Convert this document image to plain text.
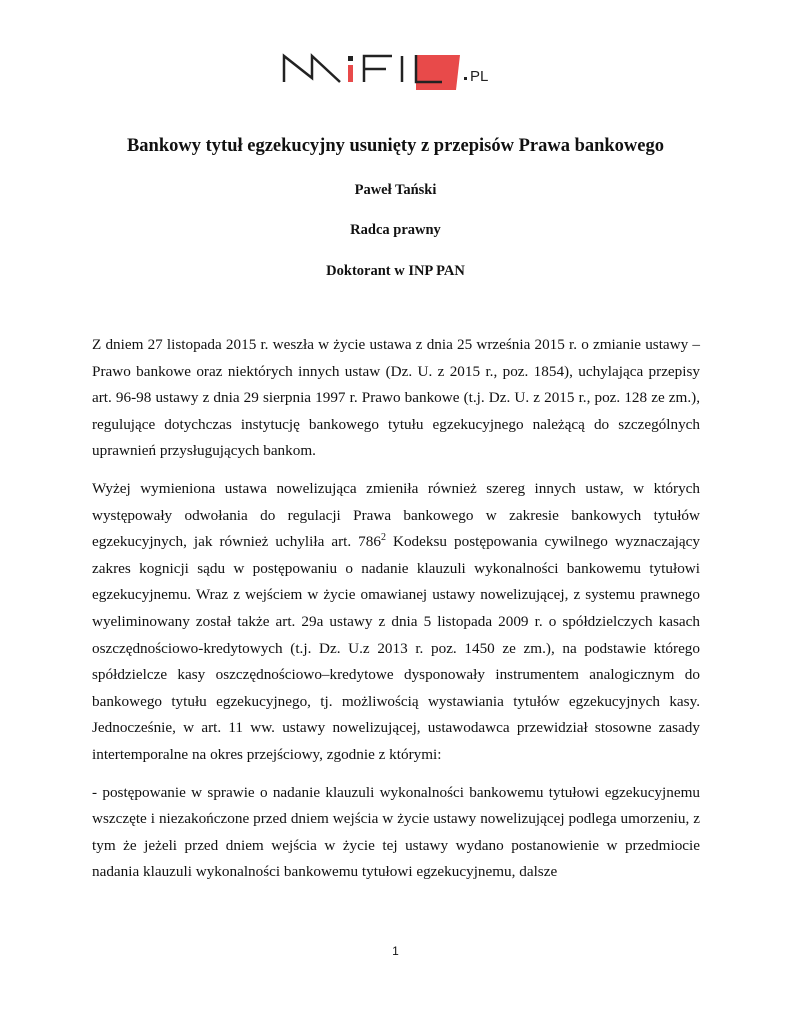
PL
Bankowy tytuł egzekucyjny usunięty z przepisów Prawa bankowego
Paweł Tański
Radca prawny
Doktorant w INP PAN

Z dniem 27 listopada 2015 r. weszła w życie ustawa z dnia 25 września 2015 r. o zmianie ustawy – Prawo bankowe oraz niektórych innych ustaw (Dz. U. z 2015 r., poz. 1854), uchylająca przepisy art. 96-98 ustawy z dnia 29 sierpnia 1997 r. Prawo bankowe (t.j. Dz. U. z 2015 r., poz. 128 ze zm.), regulujące dotychczas instytucję bankowego tytułu egzekucyjnego należącą do szczególnych uprawnień przysługujących bankom.

Wyżej wymieniona ustawa nowelizująca zmieniła również szereg innych ustaw, w których występowały odwołania do regulacji Prawa bankowego w zakresie bankowych tytułów egzekucyjnych, jak również uchyliła art. $786^2$ Kodeksu postępowania cywilnego wyznaczający zakres kognicji sądu w postępowaniu o nadanie klauzuli wykonalności bankowemu tytułowi egzekucyjnemu. Wraz z wejściem w życie omawianej ustawy nowelizującej, z systemu prawnego wyeliminowany został także art. 29a ustawy z dnia 5 listopada 2009 r. o spółdzielczych kasach oszczędnościowo-kredytowych (t.j. Dz. U.z 2013 r. poz. 1450 ze zm.), na podstawie którego spółdzielcze kasy oszczędnościowo–kredytowe dysponowały instrumentem analogicznym do bankowego tytułu egzekucyjnego, tj. możliwością wystawiania tytułów egzekucyjnych kasy. Jednocześnie, w art. 11 ww. ustawy nowelizującej, ustawodawca przewidział stosowne zasady intertemporalne na okres przejściowy, zgodnie z którymi:

- postępowanie w sprawie o nadanie klauzuli wykonalności bankowemu tytułowi egzekucyjnemu wszczęte i niezakończone przed dniem wejścia w życie ustawy nowelizującej podlega umorzeniu, z tym że jeżeli przed dniem wejścia w życie tej ustawy wydano postanowienie w przedmiocie nadania klauzuli wykonalności bankowemu tytułowi egzekucyjnemu, dalsze

1
